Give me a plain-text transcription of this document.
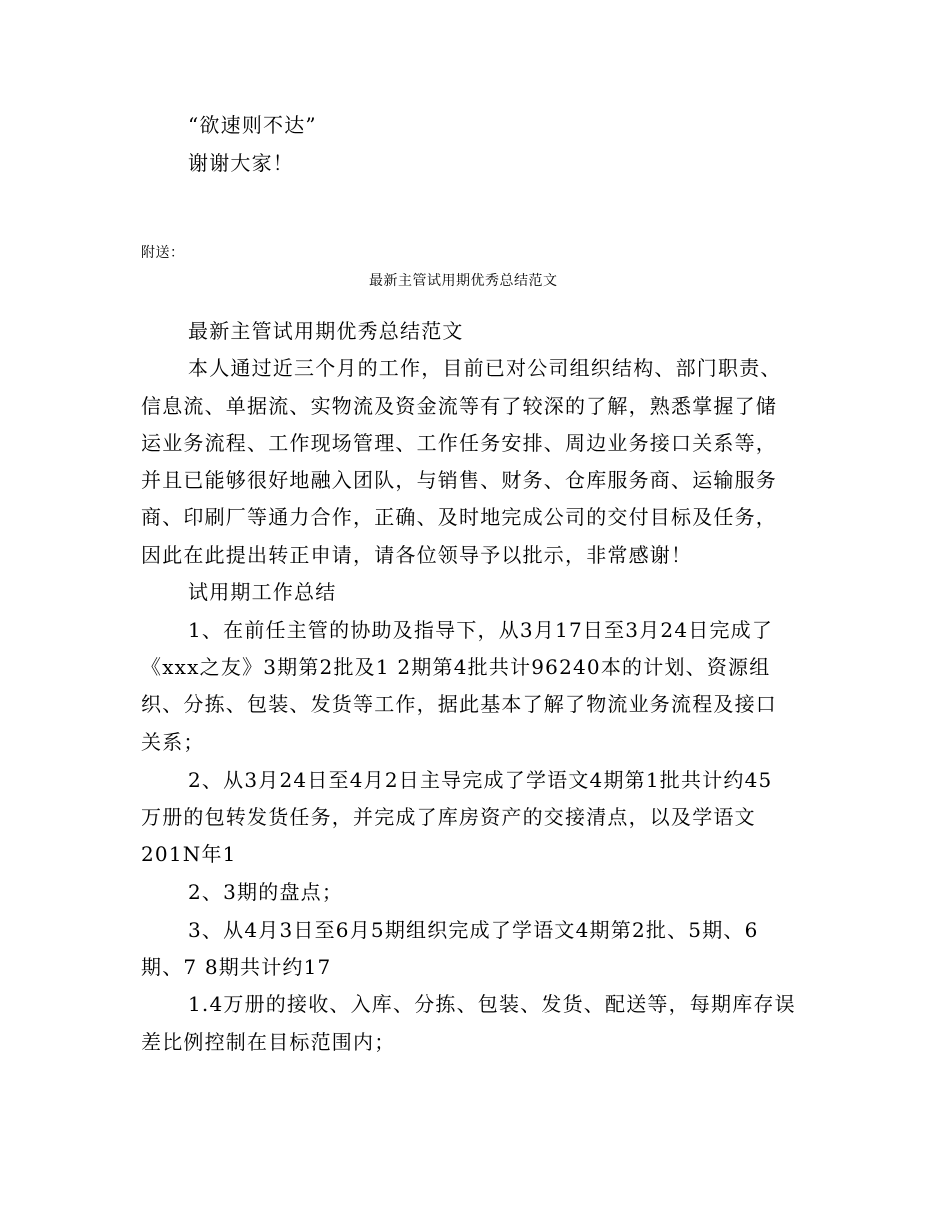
“欲速则不达”
谢谢大家！
附送：
最新主管试用期优秀总结范文
最新主管试用期优秀总结范文
本人通过近三个月的工作，目前已对公司组织结构、部门职责、
信息流、单据流、实物流及资金流等有了较深的了解，熟悉掌握了储
运业务流程、工作现场管理、工作任务安排、周边业务接口关系等，
并且已能够很好地融入团队，与销售、财务、仓库服务商、运输服务
商、印刷厂等通力合作，正确、及时地完成公司的交付目标及任务，
因此在此提出转正申请，请各位领导予以批示，非常感谢！
试用期工作总结
1、在前任主管的协助及指导下，从3月17日至3月24日完成了
《xxx之友》3期第2批及1 2期第4批共计96240本的计划、资源组
织、分拣、包装、发货等工作，据此基本了解了物流业务流程及接口
关系；
2、从3月24日至4月2日主导完成了学语文4期第1批共计约45
万册的包转发货任务，并完成了库房资产的交接清点，以及学语文
201N年1
2、3期的盘点；
3、从4月3日至6月5期组织完成了学语文4期第2批、5期、6
期、7 8期共计约17
1.4万册的接收、入库、分拣、包装、发货、配送等，每期库存误
差比例控制在目标范围内；
